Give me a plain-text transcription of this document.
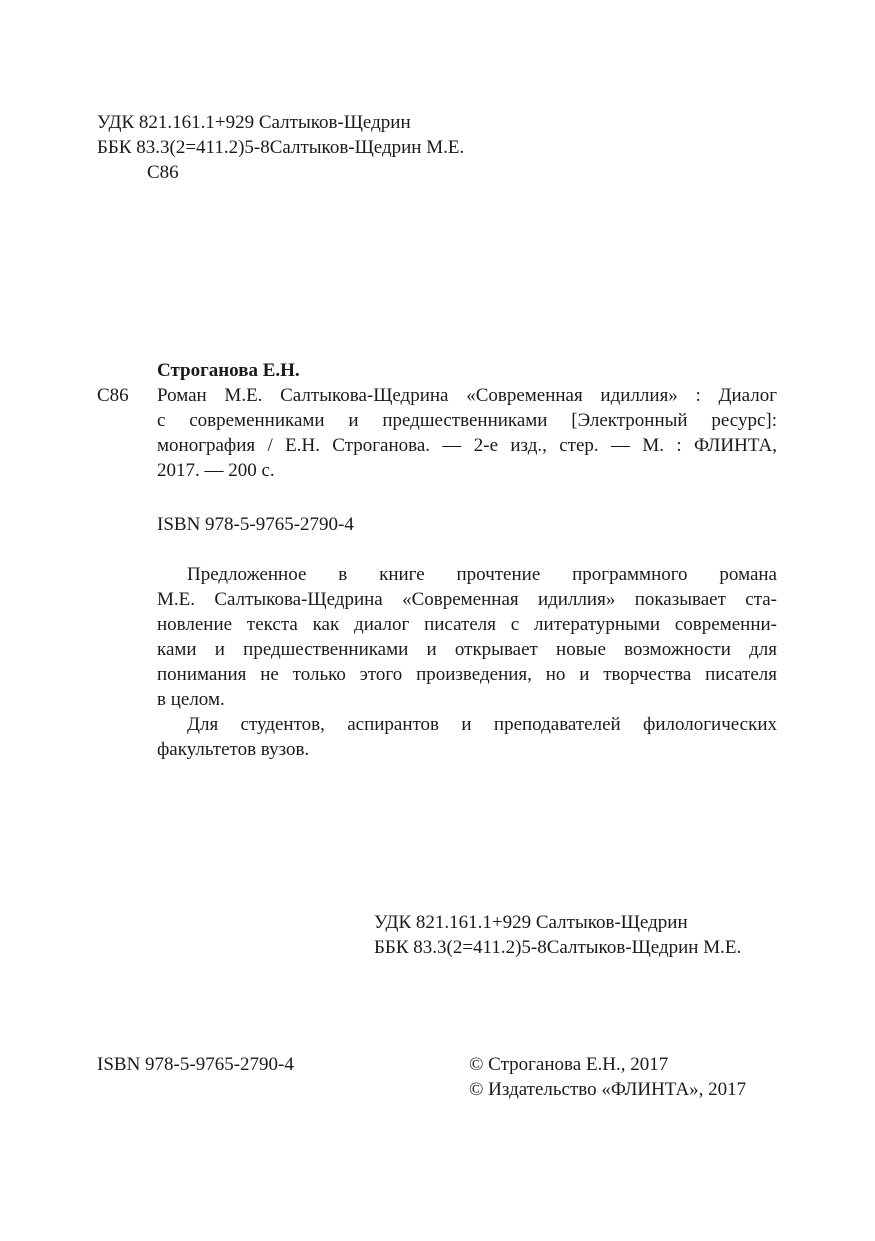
УДК 821.161.1+929 Салтыков-Щедрин
ББК 83.3(2=411.2)5-8Салтыков-Щедрин М.Е.
С86
Строганова Е.Н.
С86 Роман М.Е. Салтыкова-Щедрина «Современная идиллия» : Диалог
с современниками и предшественниками [Электронный ресурс]:
монография / Е.Н. Строганова. — 2-е изд., стер. — М. : ФЛИНТА,
2017. — 200 с.
ISBN 978-5-9765-2790-4
Предложенное в книге прочтение программного романа
М.Е. Салтыкова-Щедрина «Современная идиллия» показывает ста-
новление текста как диалог писателя с литературными современни-
ками и предшественниками и открывает новые возможности для
понимания не только этого произведения, но и творчества писателя
в целом.
Для студентов, аспирантов и преподавателей филологических
факультетов вузов.
УДК 821.161.1+929 Салтыков-Щедрин
ББК 83.3(2=411.2)5-8Салтыков-Щедрин М.Е.
ISBN 978-5-9765-2790-4	© Строганова Е.Н., 2017
© Издательство «ФЛИНТА», 2017
